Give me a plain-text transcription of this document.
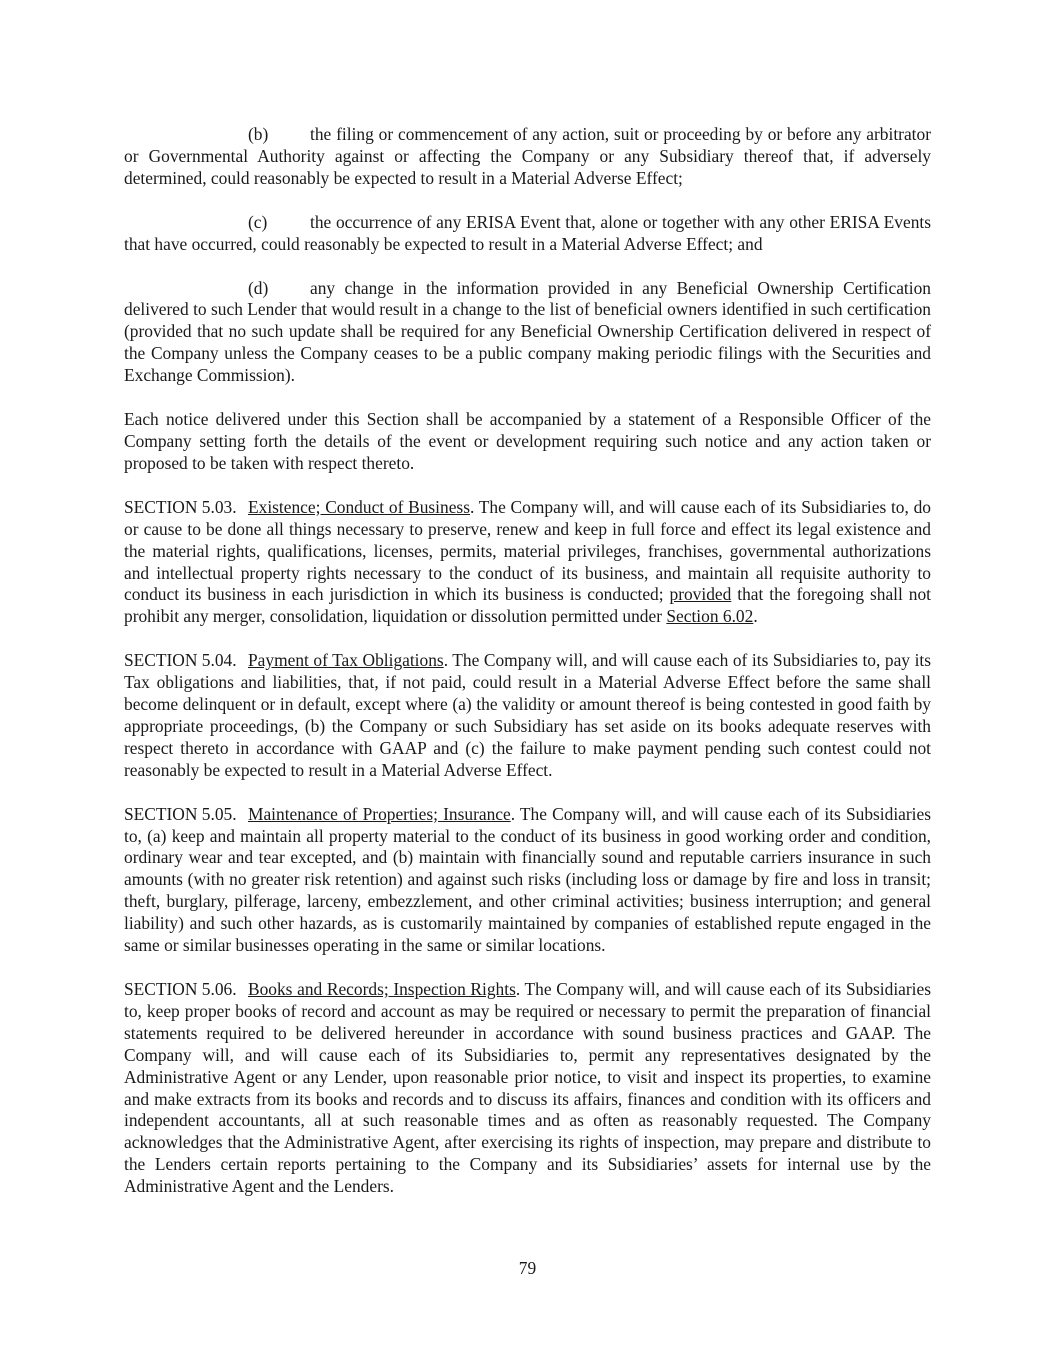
(b) the filing or commencement of any action, suit or proceeding by or before any arbitrator or Governmental Authority against or affecting the Company or any Subsidiary thereof that, if adversely determined, could reasonably be expected to result in a Material Adverse Effect;

(c) the occurrence of any ERISA Event that, alone or together with any other ERISA Events that have occurred, could reasonably be expected to result in a Material Adverse Effect; and

(d) any change in the information provided in any Beneficial Ownership Certification delivered to such Lender that would result in a change to the list of beneficial owners identified in such certification (provided that no such update shall be required for any Beneficial Ownership Certification delivered in respect of the Company unless the Company ceases to be a public company making periodic filings with the Securities and Exchange Commission).

Each notice delivered under this Section shall be accompanied by a statement of a Responsible Officer of the Company setting forth the details of the event or development requiring such notice and any action taken or proposed to be taken with respect thereto.

SECTION 5.03. Existence; Conduct of Business. The Company will, and will cause each of its Subsidiaries to, do or cause to be done all things necessary to preserve, renew and keep in full force and effect its legal existence and the material rights, qualifications, licenses, permits, material privileges, franchises, governmental authorizations and intellectual property rights necessary to the conduct of its business, and maintain all requisite authority to conduct its business in each jurisdiction in which its business is conducted; provided that the foregoing shall not prohibit any merger, consolidation, liquidation or dissolution permitted under Section 6.02.

SECTION 5.04. Payment of Tax Obligations. The Company will, and will cause each of its Subsidiaries to, pay its Tax obligations and liabilities, that, if not paid, could result in a Material Adverse Effect before the same shall become delinquent or in default, except where (a) the validity or amount thereof is being contested in good faith by appropriate proceedings, (b) the Company or such Subsidiary has set aside on its books adequate reserves with respect thereto in accordance with GAAP and (c) the failure to make payment pending such contest could not reasonably be expected to result in a Material Adverse Effect.

SECTION 5.05. Maintenance of Properties; Insurance. The Company will, and will cause each of its Subsidiaries to, (a) keep and maintain all property material to the conduct of its business in good working order and condition, ordinary wear and tear excepted, and (b) maintain with financially sound and reputable carriers insurance in such amounts (with no greater risk retention) and against such risks (including loss or damage by fire and loss in transit; theft, burglary, pilferage, larceny, embezzlement, and other criminal activities; business interruption; and general liability) and such other hazards, as is customarily maintained by companies of established repute engaged in the same or similar businesses operating in the same or similar locations.

SECTION 5.06. Books and Records; Inspection Rights. The Company will, and will cause each of its Subsidiaries to, keep proper books of record and account as may be required or necessary to permit the preparation of financial statements required to be delivered hereunder in accordance with sound business practices and GAAP. The Company will, and will cause each of its Subsidiaries to, permit any representatives designated by the Administrative Agent or any Lender, upon reasonable prior notice, to visit and inspect its properties, to examine and make extracts from its books and records and to discuss its affairs, finances and condition with its officers and independent accountants, all at such reasonable times and as often as reasonably requested. The Company acknowledges that the Administrative Agent, after exercising its rights of inspection, may prepare and distribute to the Lenders certain reports pertaining to the Company and its Subsidiaries’ assets for internal use by the Administrative Agent and the Lenders.

79
